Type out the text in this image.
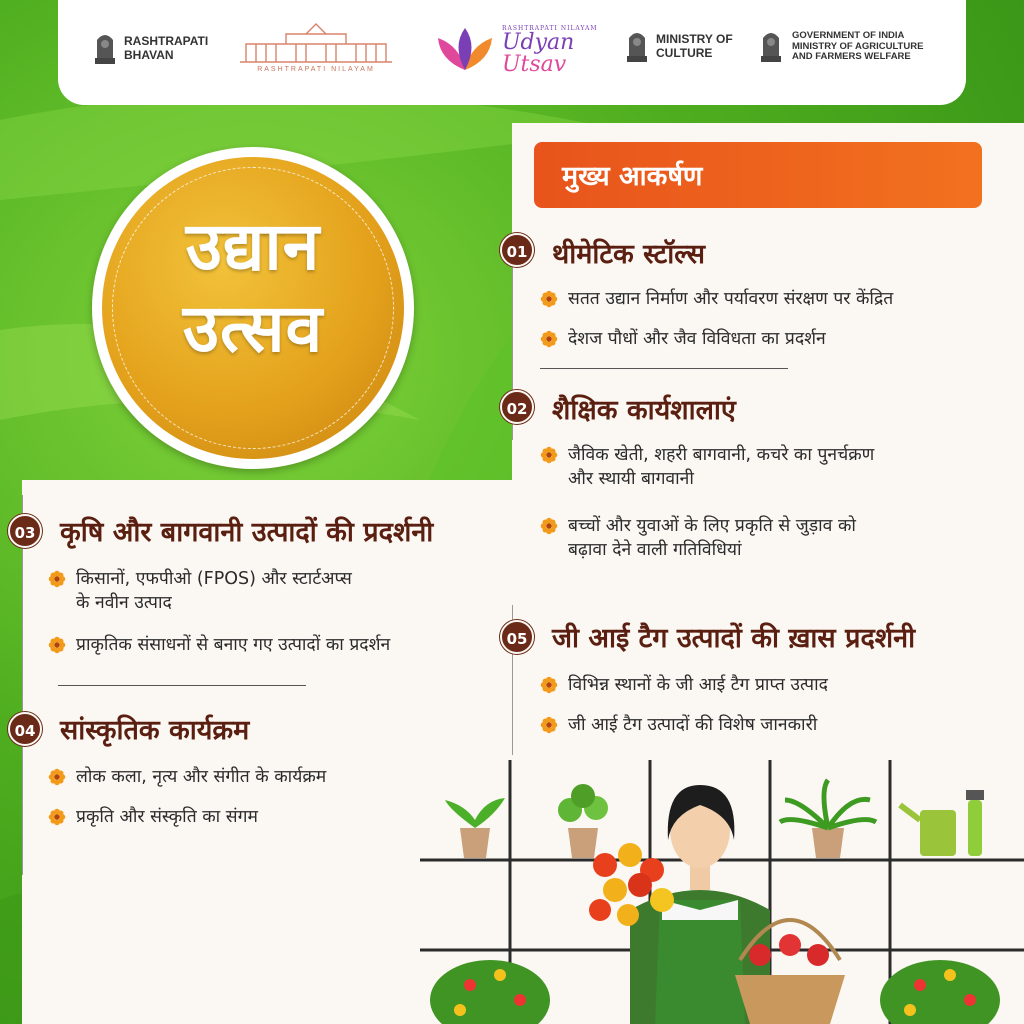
RASHTRAPATI
BHAVAN
RASHTRAPATI NILAYAM
RASHTRAPATI NILAYAM
Udyan
Utsav
MINISTRY OF
CULTURE
GOVERNMENT OF INDIA
MINISTRY OF AGRICULTURE
AND FARMERS WELFARE
उद्यान
उत्सव
मुख्य आकर्षण
01 थीमेटिक स्टॉल्स
सतत उद्यान निर्माण और पर्यावरण संरक्षण पर केंद्रित
देशज पौधों और जैव विविधता का प्रदर्शन
02 शैक्षिक कार्यशालाएं
जैविक खेती, शहरी बागवानी, कचरे का पुनर्चक्रण
और स्थायी बागवानी
बच्चों और युवाओं के लिए प्रकृति से जुड़ाव को
बढ़ावा देने वाली गतिविधियां
05 जी आई टैग उत्पादों की ख़ास प्रदर्शनी
विभिन्न स्थानों के जी आई टैग प्राप्त उत्पाद
जी आई टैग उत्पादों की विशेष जानकारी
03 कृषि और बागवानी उत्पादों की प्रदर्शनी
किसानों, एफपीओ (FPOS) और स्टार्टअप्स
के नवीन उत्पाद
प्राकृतिक संसाधनों से बनाए गए उत्पादों का प्रदर्शन
04 सांस्कृतिक कार्यक्रम
लोक कला, नृत्य और संगीत के कार्यक्रम
प्रकृति और संस्कृति का संगम
